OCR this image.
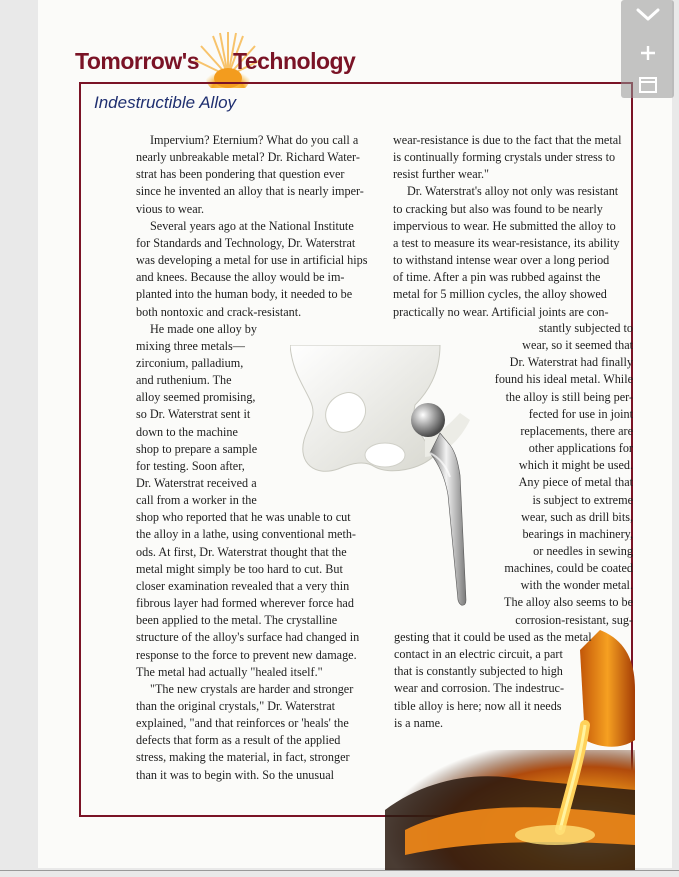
Tomorrow's Technology
Indestructible Alloy
Impervium? Eternium? What do you call a
nearly unbreakable metal? Dr. Richard Water-
strat has been pondering that question ever
since he invented an alloy that is nearly imper-
vious to wear.
Several years ago at the National Institute
for Standards and Technology, Dr. Waterstrat
was developing a metal for use in artificial hips
and knees. Because the alloy would be im-
planted into the human body, it needed to be
both nontoxic and crack-resistant.
He made one alloy by
mixing three metals—
zirconium, palladium,
and ruthenium. The
alloy seemed promising,
so Dr. Waterstrat sent it
down to the machine
shop to prepare a sample
for testing. Soon after,
Dr. Waterstrat received a
call from a worker in the
shop who reported that he was unable to cut
the alloy in a lathe, using conventional meth-
ods. At first, Dr. Waterstrat thought that the
metal might simply be too hard to cut. But
closer examination revealed that a very thin
fibrous layer had formed wherever force had
been applied to the metal. The crystalline
structure of the alloy's surface had changed in
response to the force to prevent new damage.
The metal had actually "healed itself."
"The new crystals are harder and stronger
than the original crystals," Dr. Waterstrat
explained, "and that reinforces or 'heals' the
defects that form as a result of the applied
stress, making the material, in fact, stronger
than it was to begin with. So the unusual
wear-resistance is due to the fact that the metal
is continually forming crystals under stress to
resist further wear."
Dr. Waterstrat's alloy not only was resistant
to cracking but also was found to be nearly
impervious to wear. He submitted the alloy to
a test to measure its wear-resistance, its ability
to withstand intense wear over a long period
of time. After a pin was rubbed against the
metal for 5 million cycles, the alloy showed
practically no wear. Artificial joints are con-
stantly subjected to
wear, so it seemed that
Dr. Waterstrat had finally
found his ideal metal. While
the alloy is still being per-
fected for use in joint
replacements, there are
other applications for
which it might be used.
Any piece of metal that
is subject to extreme
wear, such as drill bits,
bearings in machinery,
or needles in sewing
machines, could be coated
with the wonder metal.
The alloy also seems to be
corrosion-resistant, sug-
gesting that it could be used as the metal
contact in an electric circuit, a part
that is constantly subjected to high
wear and corrosion. The indestruc-
tible alloy is here; now all it needs
is a name.
